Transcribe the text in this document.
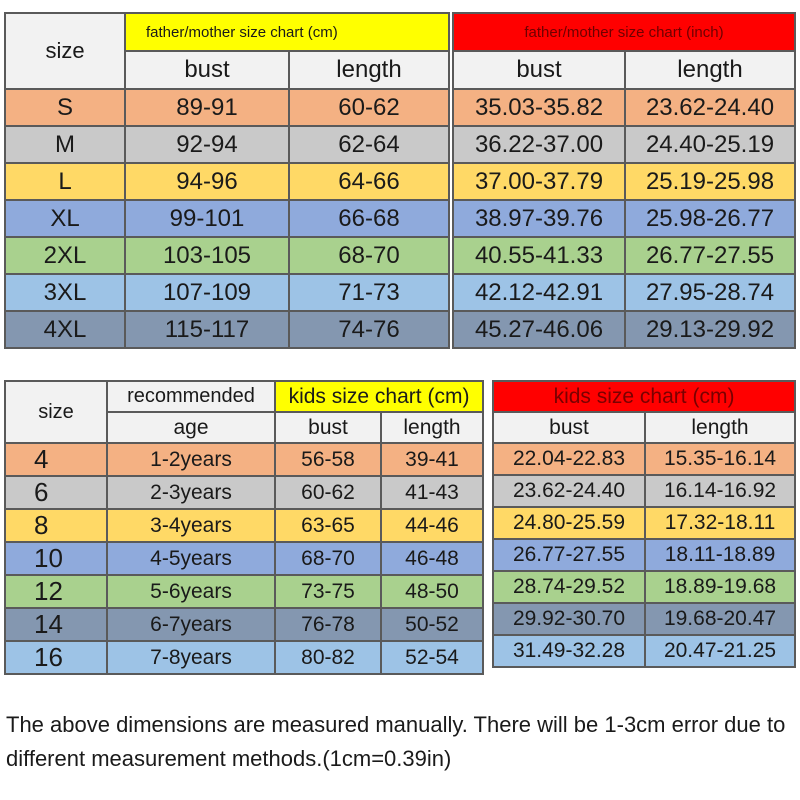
size	father/mother size chart (cm)	
	bust	length
S	89-91	60-62
M	92-94	62-64
L	94-96	64-66
XL	99-101	66-68
2XL	103-105	68-70
3XL	107-109	71-73
4XL	115-117	74-76
father/mother size chart (inch)	
bust	length
35.03-35.82	23.62-24.40
36.22-37.00	24.40-25.19
37.00-37.79	25.19-25.98
38.97-39.76	25.98-26.77
40.55-41.33	26.77-27.55
42.12-42.91	27.95-28.74
45.27-46.06	29.13-29.92
size	recommended	kids size chart (cm)	
	age	bust	length
4	1-2years	56-58	39-41
6	2-3years	60-62	41-43
8	3-4years	63-65	44-46
10	4-5years	68-70	46-48
12	5-6years	73-75	48-50
14	6-7years	76-78	50-52
16	7-8years	80-82	52-54
kids size chart (cm)	
bust	length
22.04-22.83	15.35-16.14
23.62-24.40	16.14-16.92
24.80-25.59	17.32-18.11
26.77-27.55	18.11-18.89
28.74-29.52	18.89-19.68
29.92-30.70	19.68-20.47
31.49-32.28	20.47-21.25
The above dimensions are measured manually. There will be 1-3cm error due to different measurement methods.(1cm=0.39in)
